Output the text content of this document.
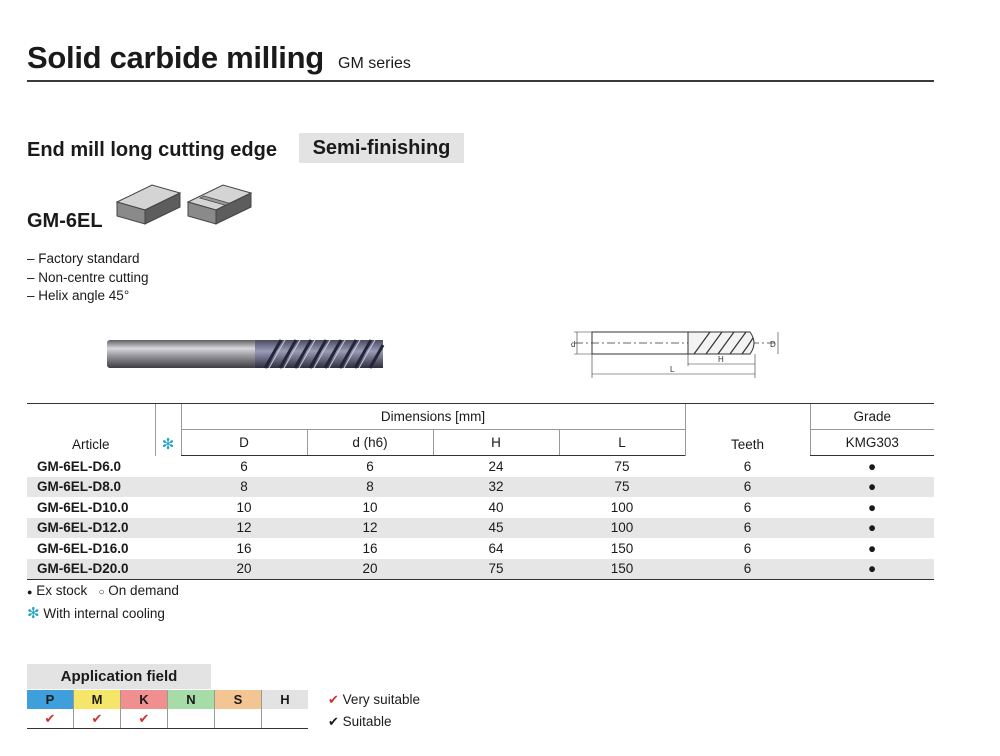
Solid carbide milling GM series
End mill long cutting edge	Semi-finishing
GM-6EL
– Factory standard
– Non-centre cutting
– Helix angle 45°
d	D
H
L
Article	✻	Dimensions [mm]				Teeth	Grade
		D	d (h6)	H	L		KMG303
GM-6EL-D6.0		6	6	24	75	6	●
GM-6EL-D8.0		8	8	32	75	6	●
GM-6EL-D10.0		10	10	40	100	6	●
GM-6EL-D12.0		12	12	45	100	6	●
GM-6EL-D16.0		16	16	64	150	6	●
GM-6EL-D20.0		20	20	75	150	6	●
● Ex stock ○ On demand
✻ With internal cooling
Application field
P	M	K	N	S	H
✔	✔	✔			
✔ Very suitable
✔ Suitable
